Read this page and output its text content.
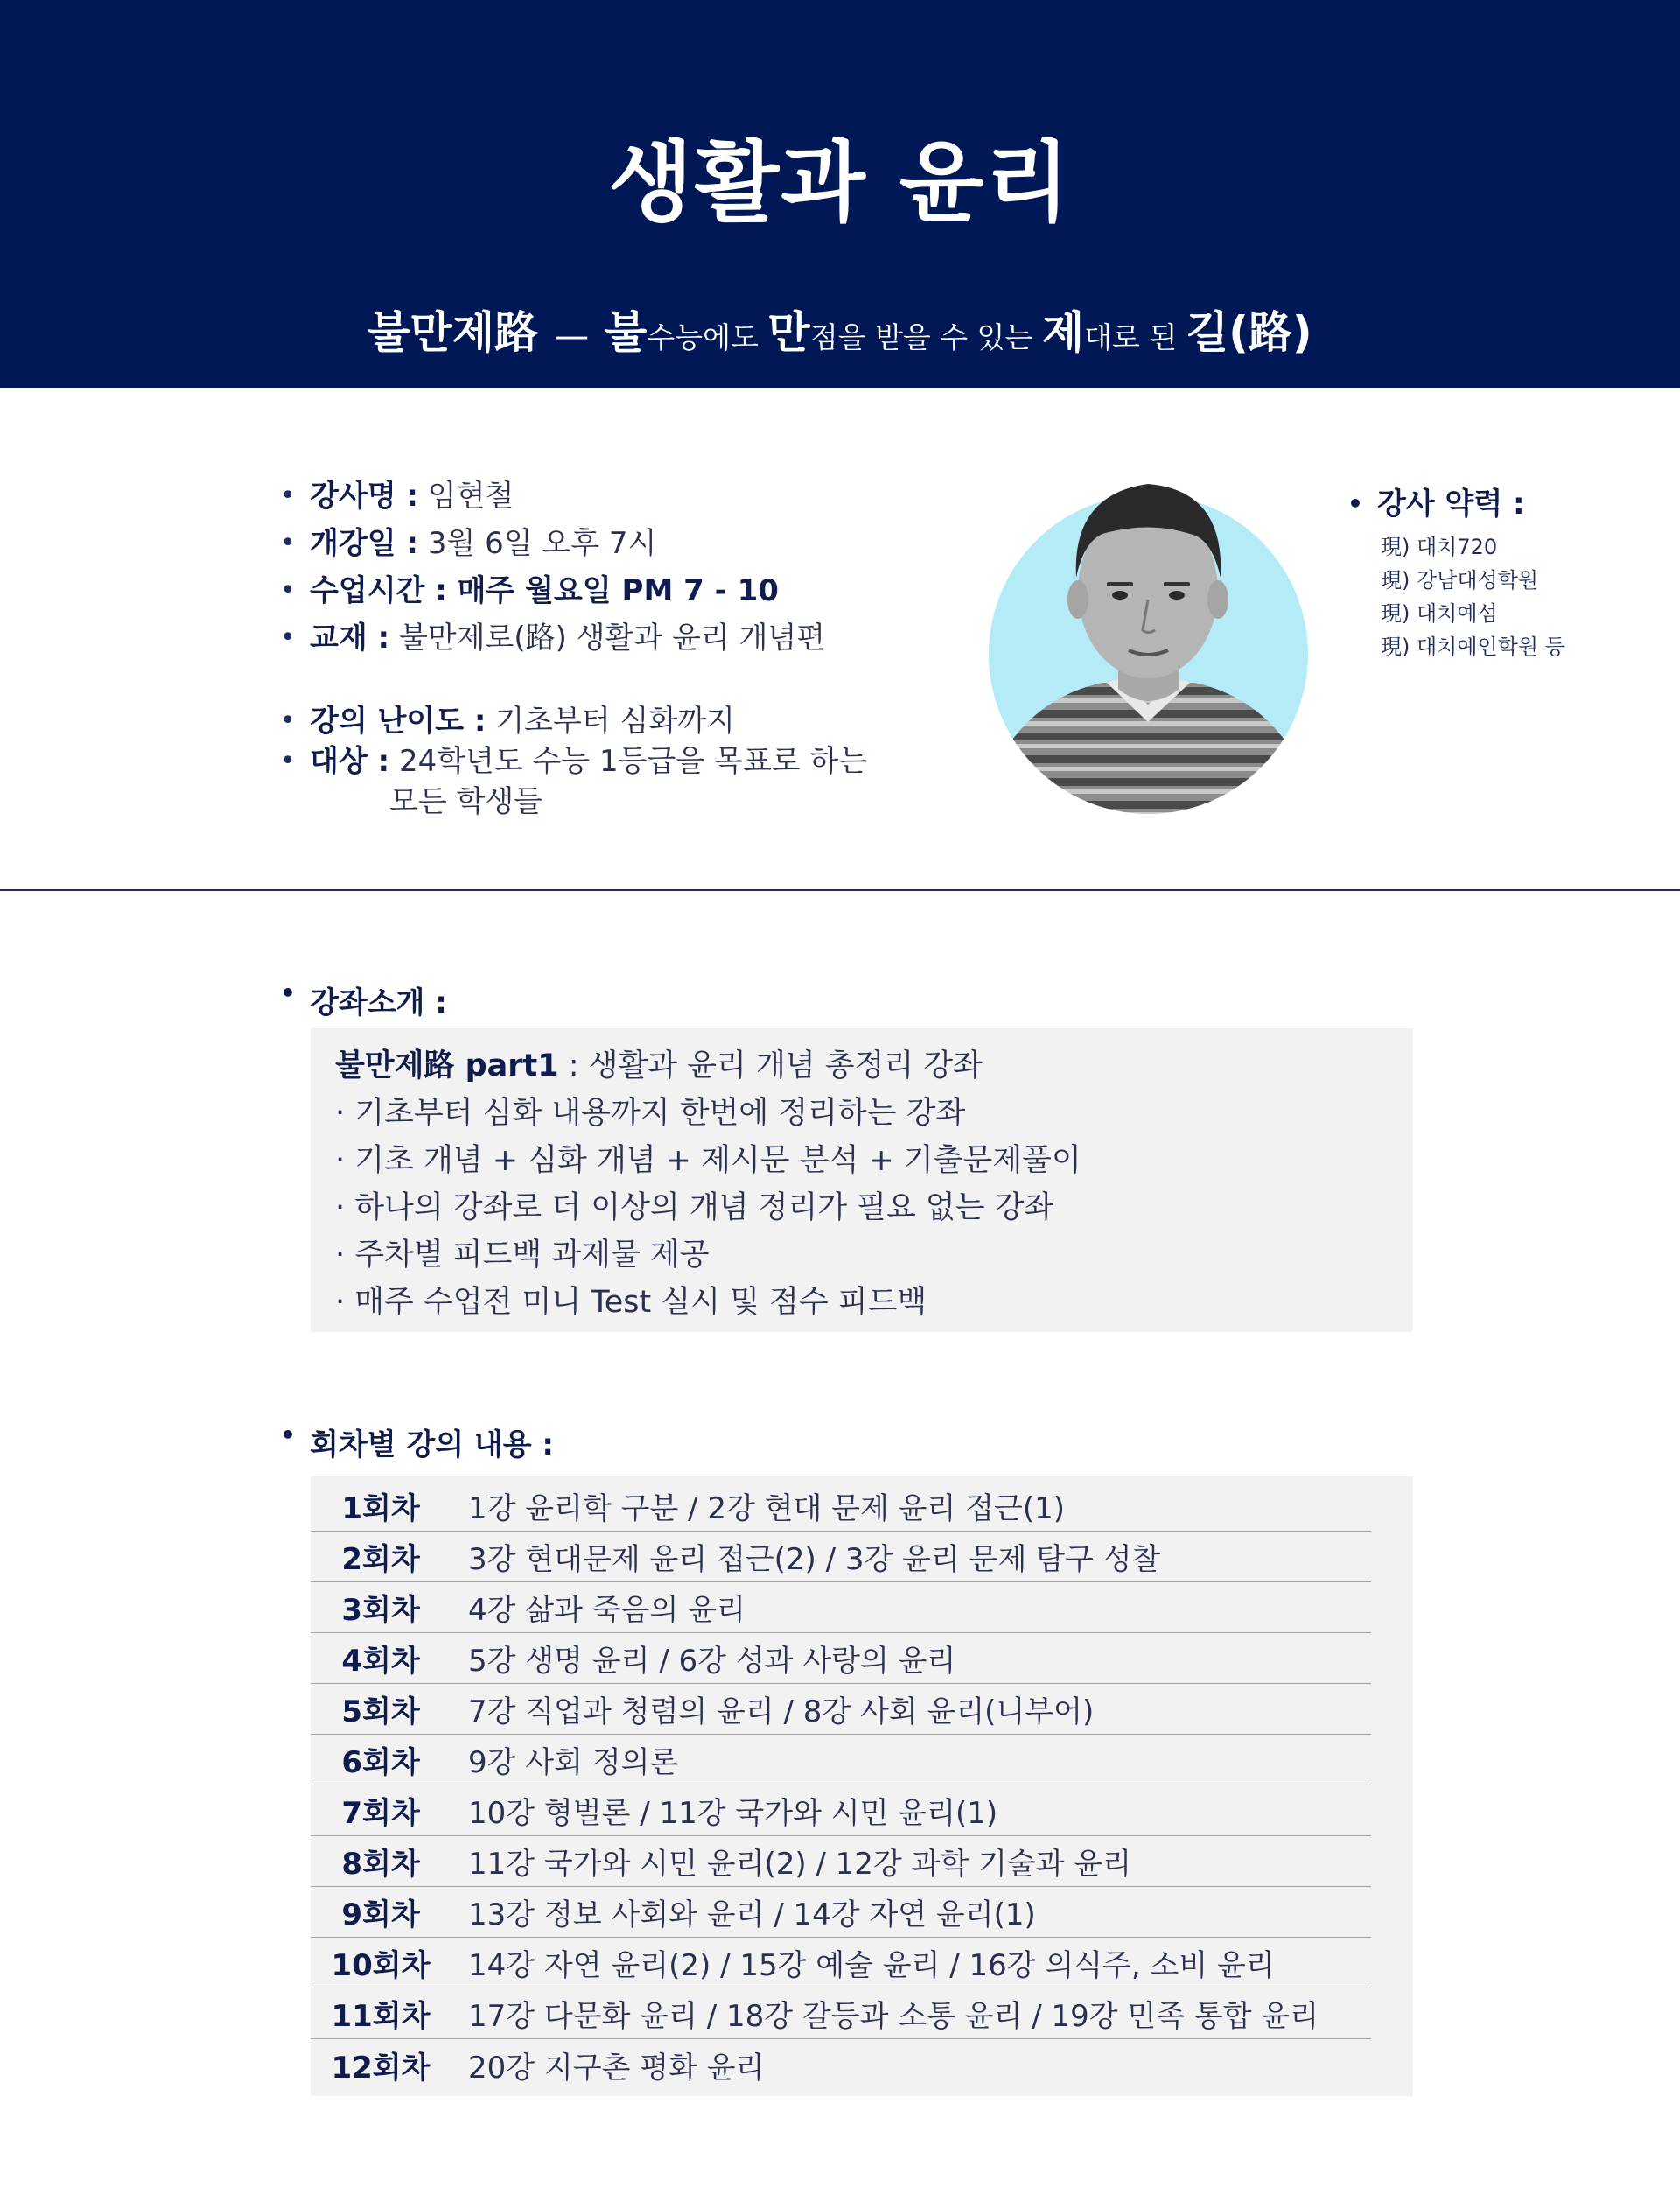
생활과 윤리
불만제路 — 불수능에도 만점을 받을 수 있는 제대로 된 길(路)
• 강사명 : 임현철
• 개강일 : 3월 6일 오후 7시
• 수업시간 : 매주 월요일 PM 7 - 10
• 교재 : 불만제로(路) 생활과 윤리 개념편
• 강의 난이도 : 기초부터 심화까지
• 대상 : 24학년도 수능 1등급을 목표로 하는
모든 학생들
• 강사 약력 :
現) 대치720
現) 강남대성학원
現) 대치예섬
現) 대치예인학원 등
• 강좌소개 :
불만제路 part1 : 생활과 윤리 개념 총정리 강좌
· 기초부터 심화 내용까지 한번에 정리하는 강좌
· 기초 개념 + 심화 개념 + 제시문 분석 + 기출문제풀이
· 하나의 강좌로 더 이상의 개념 정리가 필요 없는 강좌
· 주차별 피드백 과제물 제공
· 매주 수업전 미니 Test 실시 및 점수 피드백
• 회차별 강의 내용 :
1회차	1강 윤리학 구분 / 2강 현대 문제 윤리 접근(1)
2회차	3강 현대문제 윤리 접근(2) / 3강 윤리 문제 탐구 성찰
3회차	4강 삶과 죽음의 윤리
4회차	5강 생명 윤리 / 6강 성과 사랑의 윤리
5회차	7강 직업과 청렴의 윤리 / 8강 사회 윤리(니부어)
6회차	9강 사회 정의론
7회차	10강 형벌론 / 11강 국가와 시민 윤리(1)
8회차	11강 국가와 시민 윤리(2) / 12강 과학 기술과 윤리
9회차	13강 정보 사회와 윤리 / 14강 자연 윤리(1)
10회차	14강 자연 윤리(2) / 15강 예술 윤리 / 16강 의식주, 소비 윤리
11회차	17강 다문화 윤리 / 18강 갈등과 소통 윤리 / 19강 민족 통합 윤리
12회차	20강 지구촌 평화 윤리
